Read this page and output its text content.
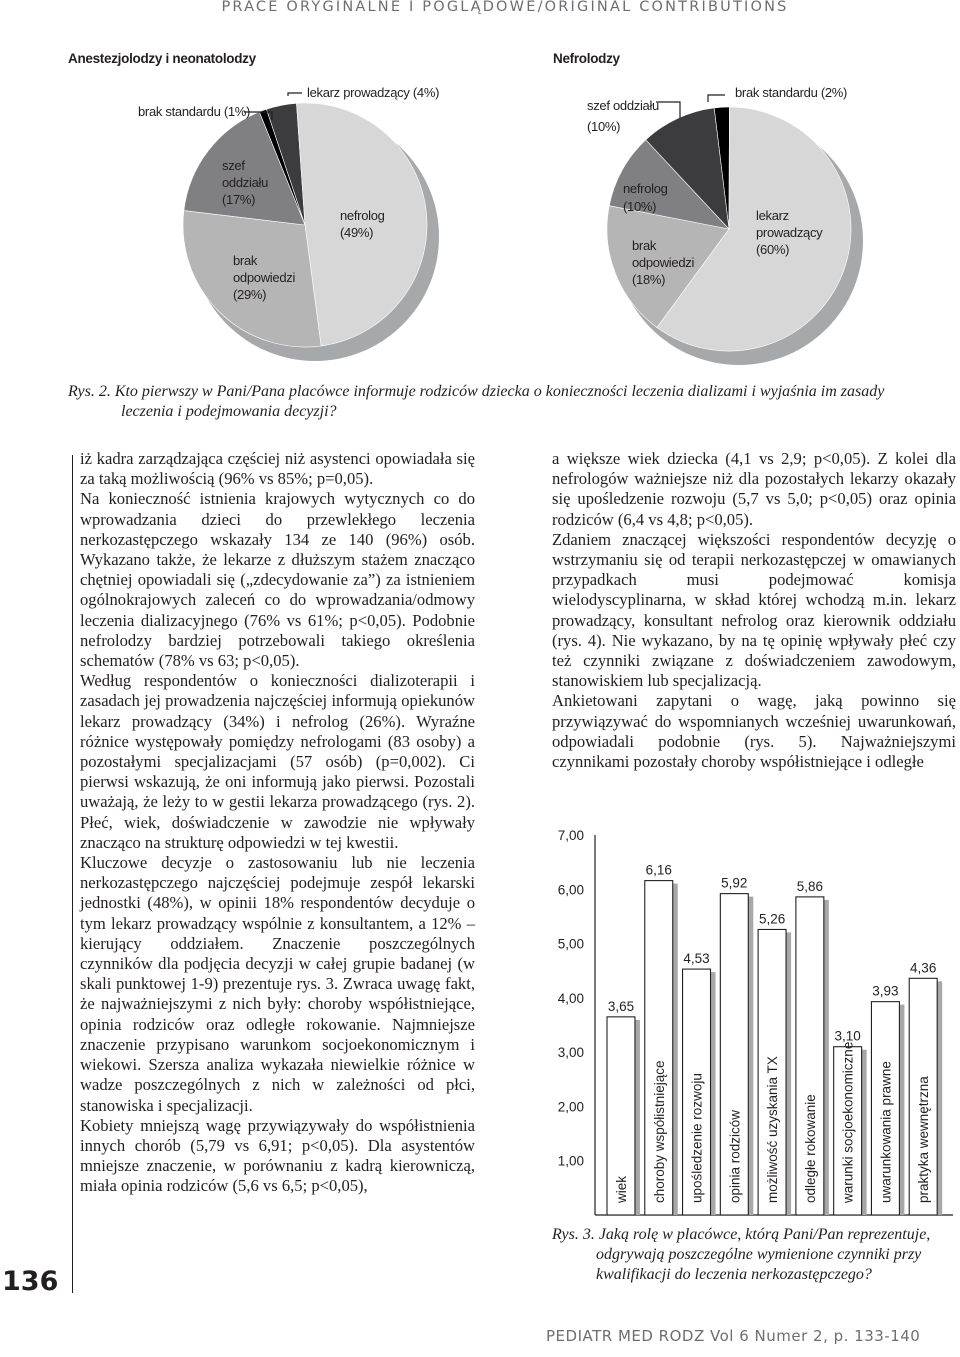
PRACE ORYGINALNE I POGLĄDOWE/ORIGINAL CONTRIBUTIONS
Anestezjolodzy i neonatolodzy	Nefrolodzy
brak standardu (1%)
lekarz prowadzący (4%)
szef
oddziału
(17%)
brak
odpowiedzi
(29%)
nefrolog
(49%)
szef oddziału
(10%)
brak standardu (2%)
nefrolog
(10%)
brak
odpowiedzi
(18%)
lekarz
prowadzący
(60%)
Rys. 2. Kto pierwszy w Pani/Pana placówce informuje rodziców dziecka o konieczności leczenia dializami i wyjaśnia im zasady
leczenia i podejmowania decyzji?
136

iż kadra zarządzająca częściej niż asystenci opowiadała się za taką możliwością (96% vs 85%; p=0,05).

Na konieczność istnienia krajowych wytycznych co do wprowadzania dzieci do przewlekłego leczenia nerkozastępczego wskazały 134 ze 140 (96%) osób. Wykazano także, że lekarze z dłuższym stażem znacząco chętniej opowiadali się („zdecydowanie za”) za istnieniem ogólnokrajowych zaleceń co do wprowadzania/odmowy leczenia dializacyjnego (76% vs 61%; p<0,05). Podobnie nefrolodzy bardziej potrzebowali takiego określenia schematów (78% vs 63; p<0,05).

Według respondentów o konieczności dializoterapii i zasadach jej prowadzenia najczęściej informują opiekunów lekarz prowadzący (34%) i nefrolog (26%). Wyraźne różnice występowały pomiędzy nefrologami (83 osoby) a pozostałymi specjalizacjami (57 osób) (p=0,002). Ci pierwsi wskazują, że oni informują jako pierwsi. Pozostali uważają, że leży to w gestii lekarza prowadzącego (rys. 2). Płeć, wiek, doświadczenie w zawodzie nie wpływały znacząco na strukturę odpowiedzi w tej kwestii.

Kluczowe decyzje o zastosowaniu lub nie leczenia nerkozastępczego najczęściej podejmuje zespół lekarski jednostki (48%), w opinii 18% respondentów decyduje o tym lekarz prowadzący wspólnie z konsultantem, a 12% – kierujący oddziałem. Znaczenie poszczególnych czynników dla podjęcia decyzji w całej grupie badanej (w skali punktowej 1-9) prezentuje rys. 3. Zwraca uwagę fakt, że najważniejszymi z nich były: choroby współistniejące, opinia rodziców oraz odległe rokowanie. Najmniejsze znaczenie przypisano warunkom socjoekonomicznym i wiekowi. Szersza analiza wykazała niewielkie różnice w wadze poszczególnych z nich w zależności od płci, stanowiska i specjalizacji.

Kobiety mniejszą wagę przywiązywały do współistnienia innych chorób (5,79 vs 6,91; p<0,05). Dla asystentów mniejsze znaczenie, w porównaniu z kadrą kierowniczą, miała opinia rodziców (5,6 vs 6,5; p<0,05),

a większe wiek dziecka (4,1 vs 2,9; p<0,05). Z kolei dla nefrologów ważniejsze niż dla pozostałych lekarzy okazały się upośledzenie rozwoju (5,7 vs 5,0; p<0,05) oraz opinia rodziców (6,4 vs 4,8; p<0,05).

Zdaniem znaczącej większości respondentów decyzję o wstrzymaniu się od terapii nerkozastępczej w omawianych przypadkach musi podejmować komisja wielodyscyplinarna, w skład której wchodzą m.in. lekarz prowadzący, konsultant nefrolog oraz kierownik oddziału (rys. 4). Nie wykazano, by na tę opinię wpływały płeć czy też czynniki związane z doświadczeniem zawodowym, stanowiskiem lub specjalizacją.

Ankietowani zapytani o wagę, jaką powinno się przywiązywać do wspomnianych wcześniej uwarunkowań, odpowiadali podobnie (rys. 5). Najważniejszymi czynnikami pozostały choroby współistniejące i odległe

7,00
6,00
5,00
4,00
3,00
2,00
1,00
3,65
wiek
6,16
choroby współistniejące
4,53
upośledzenie rozwoju
5,92
opinia rodziców
5,26
możliwość uzyskania TX
5,86
odległe rokowanie
3,10
warunki socjoekonomiczne
3,93
uwarunkowania prawne
4,36
praktyka wewnętrzna
Rys. 3. Jaką rolę w placówce, którą Pani/Pan reprezentuje,
odgrywają poszczególne wymienione czynniki przy
kwalifikacji do leczenia nerkozastępczego?
PEDIATR MED RODZ Vol 6 Numer 2, p. 133-140
